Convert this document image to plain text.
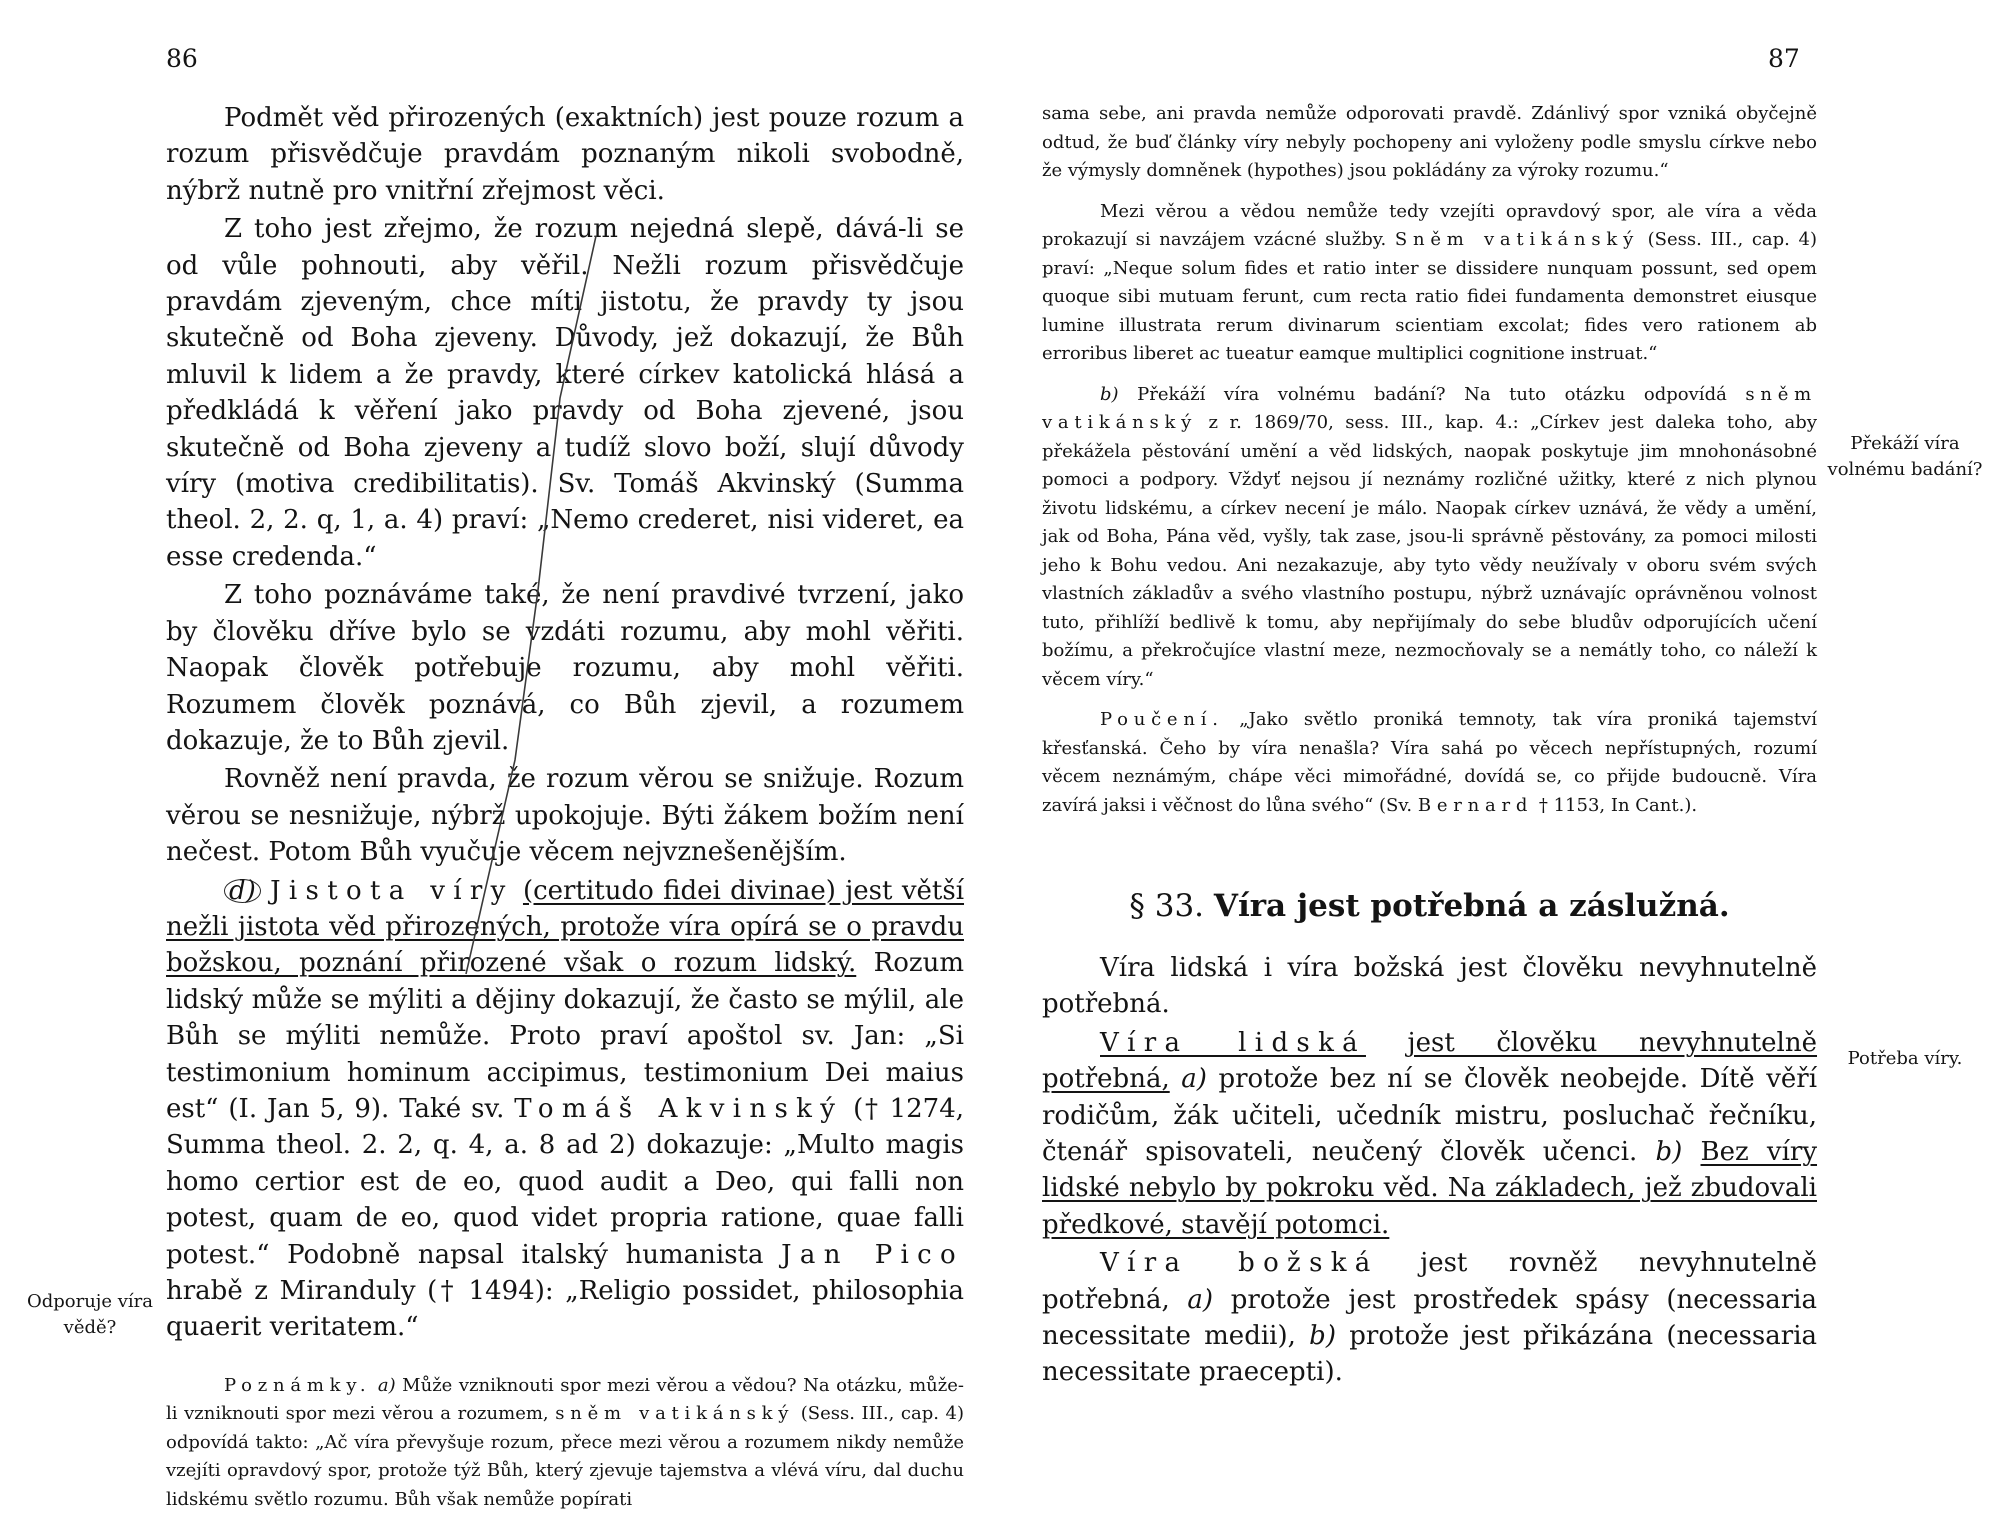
86

Podmět věd přirozených (exaktních) jest pouze rozum a rozum přisvědčuje pravdám poznaným nikoli svobodně, nýbrž nutně pro vnitřní zřejmost věci.

Z toho jest zřejmo, že rozum nejedná slepě, dává-li se od vůle pohnouti, aby věřil. Nežli rozum přisvědčuje pravdám zjeveným, chce míti jistotu, že pravdy ty jsou skutečně od Boha zjeveny. Důvody, jež dokazují, že Bůh mluvil k lidem a že pravdy, které církev katolická hlásá a předkládá k věření jako pravdy od Boha zjevené, jsou skutečně od Boha zjeveny a tudíž slovo boží, slují důvody víry (motiva credibilitatis). Sv. Tomáš Akvinský (Summa theol. 2, 2. q, 1, a. 4) praví: „Nemo crederet, nisi videret, ea esse credenda.“

Z toho poznáváme také, že není pravdivé tvrzení, jako by člověku dříve bylo se vzdáti rozumu, aby mohl věřiti. Naopak člověk potřebuje rozumu, aby mohl věřiti. Rozumem člověk poznává, co Bůh zjevil, a rozumem dokazuje, že to Bůh zjevil.

Rovněž není pravda, že rozum věrou se snižuje. Rozum věrou se nesnižuje, nýbrž upokojuje. Býti žákem božím není nečest. Potom Bůh vyučuje věcem nejvznešenějším.

d) Jistota víry (certitudo fidei divinae) jest větší nežli jistota věd přirozených, protože víra opírá se o pravdu božskou, poznání přirozené však o rozum lidský. Rozum lidský může se mýliti a dějiny dokazují, že často se mýlil, ale Bůh se mýliti nemůže. Proto praví apoštol sv. Jan: „Si testimonium hominum accipimus, testimonium Dei maius est“ (I. Jan 5, 9). Také sv. Tomáš Akvinský († 1274, Summa theol. 2. 2, q. 4, a. 8 ad 2) dokazuje: „Multo magis homo certior est de eo, quod audit a Deo, qui falli non potest, quam de eo, quod videt propria ratione, quae falli potest.“ Podobně napsal italský humanista Jan Pico hrabě z Miranduly († 1494): „Religio possidet, philosophia quaerit veritatem.“

Poznámky. a) Může vzniknouti spor mezi věrou a vědou? Na otázku, může-li vzniknouti spor mezi věrou a rozumem, sněm vatikánský (Sess. III., cap. 4) odpovídá takto: „Ač víra převyšuje rozum, přece mezi věrou a rozumem nikdy nemůže vzejíti opravdový spor, protože týž Bůh, který zjevuje tajemstva a vlévá víru, dal duchu lidskému světlo rozumu. Bůh však nemůže popírati

Odporuje víra vědě?
87

sama sebe, ani pravda nemůže odporovati pravdě. Zdánlivý spor vzniká obyčejně odtud, že buď články víry nebyly pochopeny ani vyloženy podle smyslu církve nebo že výmysly domněnek (hypothes) jsou pokládány za výroky rozumu.“

Mezi věrou a vědou nemůže tedy vzejíti opravdový spor, ale víra a věda prokazují si navzájem vzácné služby. Sněm vatikánský (Sess. III., cap. 4) praví: „Neque solum fides et ratio inter se dissidere nunquam possunt, sed opem quoque sibi mutuam ferunt, cum recta ratio fidei fundamenta demonstret eiusque lumine illustrata rerum divinarum scientiam excolat; fides vero rationem ab erroribus liberet ac tueatur eamque multiplici cognitione instruat.“

b) Překáží víra volnému badání? Na tuto otázku odpovídá sněm vatikánský z r. 1869/70, sess. III., kap. 4.: „Církev jest daleka toho, aby překážela pěstování umění a věd lidských, naopak poskytuje jim mnohonásobné pomoci a podpory. Vždyť nejsou jí neznámy rozličné užitky, které z nich plynou životu lidskému, a církev necení je málo. Naopak církev uznává, že vědy a umění, jak od Boha, Pána věd, vyšly, tak zase, jsou-li správně pěstovány, za pomoci milosti jeho k Bohu vedou. Ani nezakazuje, aby tyto vědy neužívaly v oboru svém svých vlastních základův a svého vlastního postupu, nýbrž uznávajíc oprávněnou volnost tuto, přihlíží bedlivě k tomu, aby nepřijímaly do sebe bludův odporujících učení božímu, a překročujíce vlastní meze, nezmocňovaly se a nemátly toho, co náleží k věcem víry.“

Poučení. „Jako světlo proniká temnoty, tak víra proniká tajemství křesťanská. Čeho by víra nenašla? Víra sahá po věcech nepřístupných, rozumí věcem neznámým, chápe věci mimořádné, dovídá se, co přijde budoucně. Víra zavírá jaksi i věčnost do lůna svého“ (Sv. Bernard † 1153, In Cant.).

§ 33. Víra jest potřebná a záslužná.

Víra lidská i víra božská jest člověku nevyhnutelně potřebná.

Víra lidská jest člověku nevyhnutelně potřebná, a) protože bez ní se člověk neobejde. Dítě věří rodičům, žák učiteli, učedník mistru, posluchač řečníku, čtenář spisovateli, neučený člověk učenci. b) Bez víry lidské nebylo by pokroku věd. Na základech, jež zbudovali předkové, stavějí potomci.

Víra božská jest rovněž nevyhnutelně potřebná, a) protože jest prostředek spásy (necessaria necessitate medii), b) protože jest přikázána (necessaria necessitate praecepti).

Překáží víra volnému badání?
Potřeba víry.
